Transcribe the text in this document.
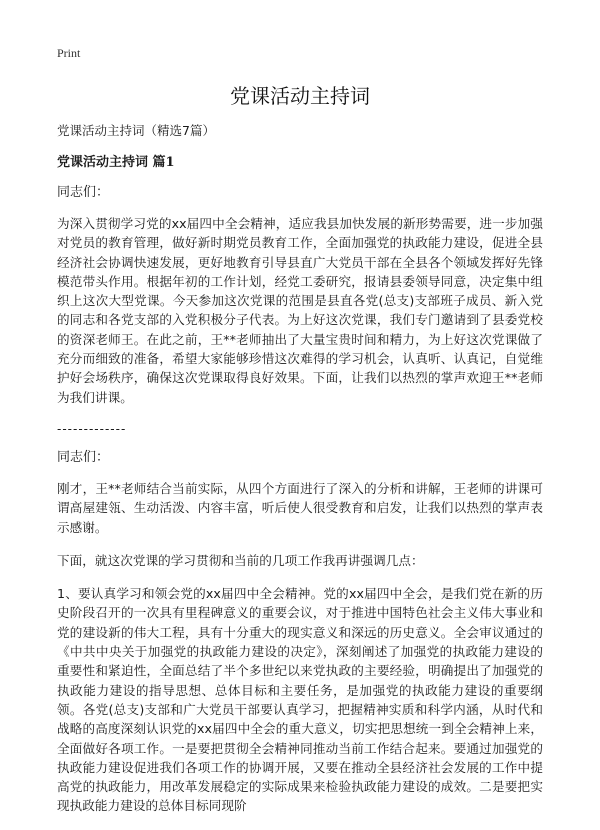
Print
党课活动主持词

党课活动主持词（精选7篇）

党课活动主持词 篇1

同志们：

为深入贯彻学习党的xx届四中全会精神，适应我县加快发展的新形势需要，进一步加强对党员的教育管理，做好新时期党员教育工作，全面加强党的执政能力建设，促进全县经济社会协调快速发展，更好地教育引导县直广大党员干部在全县各个领域发挥好先锋模范带头作用。根据年初的工作计划，经党工委研究，报请县委领导同意，决定集中组织上这次大型党课。今天参加这次党课的范围是县直各党(总支)支部班子成员、新入党的同志和各党支部的入党积极分子代表。为上好这次党课，我们专门邀请到了县委党校的资深老师王。在此之前，王**老师抽出了大量宝贵时间和精力，为上好这次党课做了充分而细致的准备，希望大家能够珍惜这次难得的学习机会，认真听、认真记，自觉维护好会场秩序，确保这次党课取得良好效果。下面，让我们以热烈的掌声欢迎王**老师为我们讲课。

-------------

同志们：

刚才，王**老师结合当前实际，从四个方面进行了深入的分析和讲解，王老师的讲课可谓高屋建瓴、生动活泼、内容丰富，听后使人很受教育和启发，让我们以热烈的掌声表示感谢。

下面，就这次党课的学习贯彻和当前的几项工作我再讲强调几点：

1、要认真学习和领会党的xx届四中全会精神。党的xx届四中全会，是我们党在新的历史阶段召开的一次具有里程碑意义的重要会议，对于推进中国特色社会主义伟大事业和党的建设新的伟大工程，具有十分重大的现实意义和深远的历史意义。全会审议通过的《中共中央关于加强党的执政能力建设的决定》，深刻阐述了加强党的执政能力建设的重要性和紧迫性，全面总结了半个多世纪以来党执政的主要经验，明确提出了加强党的执政能力建设的指导思想、总体目标和主要任务，是加强党的执政能力建设的重要纲领。各党(总支)支部和广大党员干部要认真学习，把握精神实质和科学内涵，从时代和战略的高度深刻认识党的xx届四中全会的重大意义，切实把思想统一到全会精神上来，全面做好各项工作。一是要把贯彻全会精神同推动当前工作结合起来。要通过加强党的执政能力建设促进我们各项工作的协调开展，又要在推动全县经济社会发展的工作中提高党的执政能力，用改革发展稳定的实际成果来检验执政能力建设的成效。二是要把实现执政能力建设的总体目标同现阶
